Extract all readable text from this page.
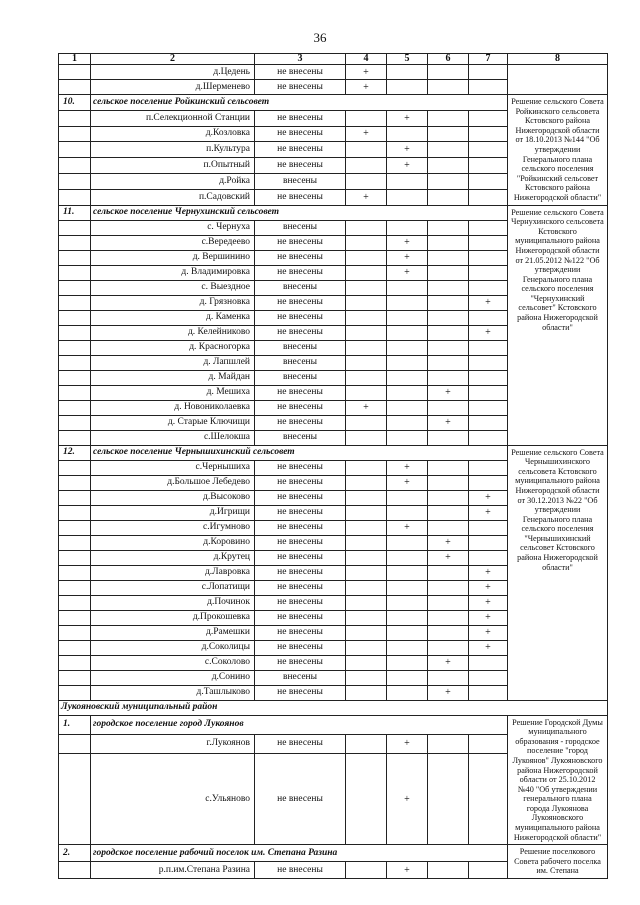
36
1	2	3	4	5	6	7	8
	д.Цедень	не внесены	+				
	д.Шерменево	не внесены	+				
10.	сельское поселение Ройкинский сельсовет						Решение сельского Совета Ройкинского сельсовета Кстовского района Нижегородской области от 18.10.2013 №144 "Об утверждении Генерального плана сельского поселения "Ройкинский сельсовет Кстовского района Нижегородской области"
	п.Селекционной Станции	не внесены		+			
	д.Козловка	не внесены	+				
	п.Культура	не внесены		+			
	п.Опытный	не внесены		+			
	д.Ройка	внесены					
	п.Садовский	не внесены	+				
11.	сельское поселение Чернухинский сельсовет						Решение сельского Совета Чернухинского сельсовета Кстовского муниципального района Нижегородской области от 21.05.2012 №122 "Об утверждении Генерального плана сельского поселения "Чернухинский сельсовет" Кстовского района Нижегородской области"
	с. Чернуха	внесены					
	с.Вередеево	не внесены		+			
	д. Вершинино	не внесены		+			
	д. Владимировка	не внесены		+			
	с. Выездное	внесены					
	д. Грязновка	не внесены				+	
	д. Каменка	не внесены					
	д. Келейниково	не внесены				+	
	д. Красногорка	внесены					
	д. Лапшлей	внесены					
	д. Майдан	внесены					
	д. Мешиха	не внесены			+		
	д. Новониколаевка	не внесены	+				
	д. Старые Ключищи	не внесены			+		
	с.Шелокша	внесены					
12.	сельское поселение Чернышихинский сельсовет						Решение сельского Совета Чернышихинского сельсовета Кстовского муниципального района Нижегородской области от 30.12.2013 №22 "Об утверждении Генерального плана сельского поселения "Чернышихинский сельсовет Кстовского района Нижегородской области"
	с.Чернышиха	не внесены		+			
	д.Большое Лебедево	не внесены		+			
	д.Высоково	не внесены				+	
	д.Игрищи	не внесены				+	
	с.Игумново	не внесены		+			
	д.Коровино	не внесены			+		
	д.Крутец	не внесены			+		
	д.Лавровка	не внесены				+	
	с.Лопатищи	не внесены				+	
	д.Починок	не внесены				+	
	д.Прокошевка	не внесены				+	
	д.Рамешки	не внесены				+	
	д.Соколицы	не внесены				+	
	с.Соколово	не внесены			+		
	д.Сонино	внесены					
	д.Ташлыково	не внесены			+		
Лукояновский муниципальный район							
1.	городское поселение город Лукоянов						Решение Городской Думы муниципального образования - городское поселение "город Лукоянов" Лукояновского района Нижегородской области от 25.10.2012 №40 "Об утверждении генерального плана города Лукоянова Лукояновского муниципального района Нижегородской области"
	г.Лукоянов	не внесены		+			
	с.Ульяново	не внесены		+			
2.	городское поселение рабочий поселок им. Степана Разина						Решение поселкового Совета рабочего поселка им. Степана
	р.п.им.Степана Разина	не внесены		+			
